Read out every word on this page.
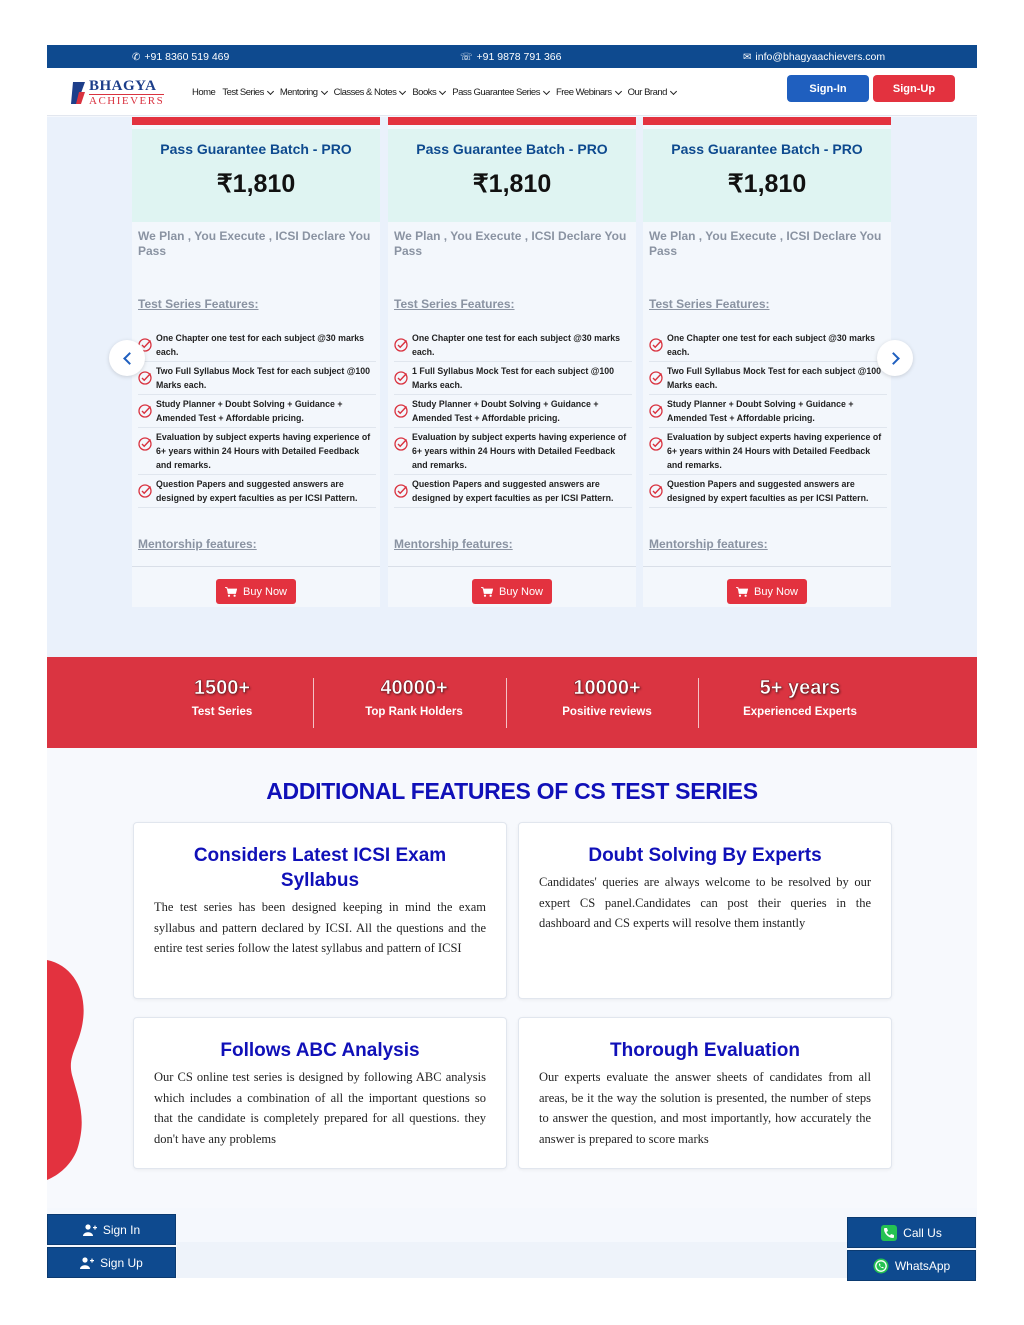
✆ +91 8360 519 469	☏ +91 9878 791 366	✉ info@bhagyaachievers.com
BHAGYA
ACHIEVERS
Home Test Series Mentoring Classes & Notes Books Pass Guarantee Series Free Webinars Our Brand	Sign-In	Sign-Up
Pass Guarantee Batch - PRO
₹1,810
We Plan , You Execute , ICSI Declare You Pass
Test Series Features:
One Chapter one test for each subject @30 marks each.
Two Full Syllabus Mock Test for each subject @100 Marks each.
Study Planner + Doubt Solving + Guidance + Amended Test + Affordable pricing.
Evaluation by subject experts having experience of 6+ years within 24 Hours with Detailed Feedback and remarks.
Question Papers and suggested answers are designed by expert faculties as per ICSI Pattern.
Mentorship features:
Buy Now
Pass Guarantee Batch - PRO
₹1,810
We Plan , You Execute , ICSI Declare You Pass
Test Series Features:
One Chapter one test for each subject @30 marks each.
1 Full Syllabus Mock Test for each subject @100 Marks each.
Study Planner + Doubt Solving + Guidance + Amended Test + Affordable pricing.
Evaluation by subject experts having experience of 6+ years within 24 Hours with Detailed Feedback and remarks.
Question Papers and suggested answers are designed by expert faculties as per ICSI Pattern.
Mentorship features:
Buy Now
Pass Guarantee Batch - PRO
₹1,810
We Plan , You Execute , ICSI Declare You Pass
Test Series Features:
One Chapter one test for each subject @30 marks each.
Two Full Syllabus Mock Test for each subject @100 Marks each.
Study Planner + Doubt Solving + Guidance + Amended Test + Affordable pricing.
Evaluation by subject experts having experience of 6+ years within 24 Hours with Detailed Feedback and remarks.
Question Papers and suggested answers are designed by expert faculties as per ICSI Pattern.
Mentorship features:
Buy Now
1500+
Test Series
40000+
Top Rank Holders
10000+
Positive reviews
5+ years
Experienced Experts
ADDITIONAL FEATURES OF CS TEST SERIES
Considers Latest ICSI Exam Syllabus
The test series has been designed keeping in mind the exam syllabus and pattern declared by ICSI. All the questions and the entire test series follow the latest syllabus and pattern of ICSI
Doubt Solving By Experts
Candidates' queries are always welcome to be resolved by our expert CS panel.Candidates can post their queries in the dashboard and CS experts will resolve them instantly
Follows ABC Analysis
Our CS online test series is designed by following ABC analysis which includes a combination of all the important questions so that the candidate is completely prepared for all questions. they don't have any problems
Thorough Evaluation
Our experts evaluate the answer sheets of candidates from all areas, be it the way the solution is presented, the number of steps to answer the question, and most importantly, how accurately the answer is prepared to score marks
Sign In
Sign Up
Call Us
WhatsApp
